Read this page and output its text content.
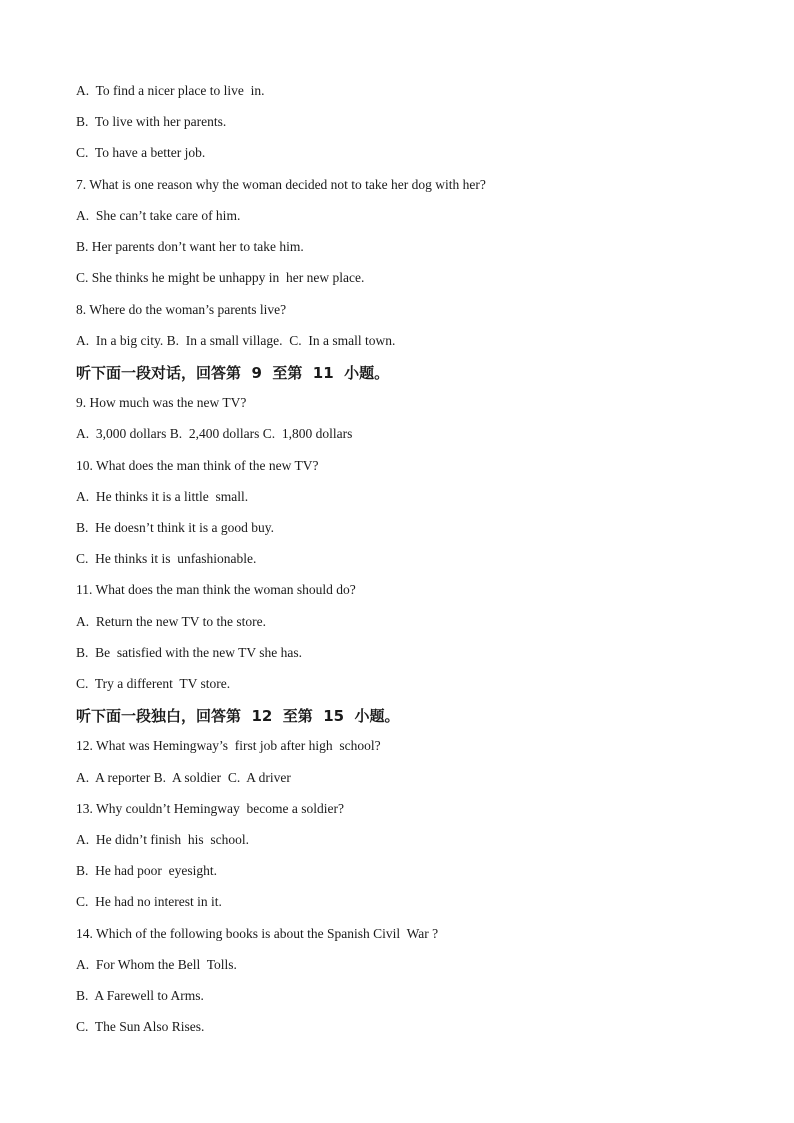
A.  To find a nicer place to live  in.
B.  To live with her parents.
C.  To have a better job.
7. What is one reason why the woman decided not to take her dog with her?
A.  She can’t take care of him.
B. Her parents don’t want her to take him.
C. She thinks he might be unhappy in  her new place.
8. Where do the woman’s parents live?
A.  In a big city. B.  In a small village.  C.  In a small town.
听下面一段对话，回答第  9  至第  11  小题。
9. How much was the new TV?
A.  3,000 dollars B.  2,400 dollars C.  1,800 dollars
10. What does the man think of the new TV?
A.  He thinks it is a little  small.
B.  He doesn’t think it is a good buy.
C.  He thinks it is  unfashionable.
11. What does the man think the woman should do?
A.  Return the new TV to the store.
B.  Be  satisfied with the new TV she has.
C.  Try a different  TV store.
听下面一段独白，回答第  12  至第  15  小题。
12. What was Hemingway’s  first job after high  school?
A.  A reporter B.  A soldier  C.  A driver
13. Why couldn’t Hemingway  become a soldier?
A.  He didn’t finish  his  school.
B.  He had poor  eyesight.
C.  He had no interest in it.
14. Which of the following books is about the Spanish Civil  War ?
A.  For Whom the Bell  Tolls.
B.  A Farewell to Arms.
C.  The Sun Also Rises.
